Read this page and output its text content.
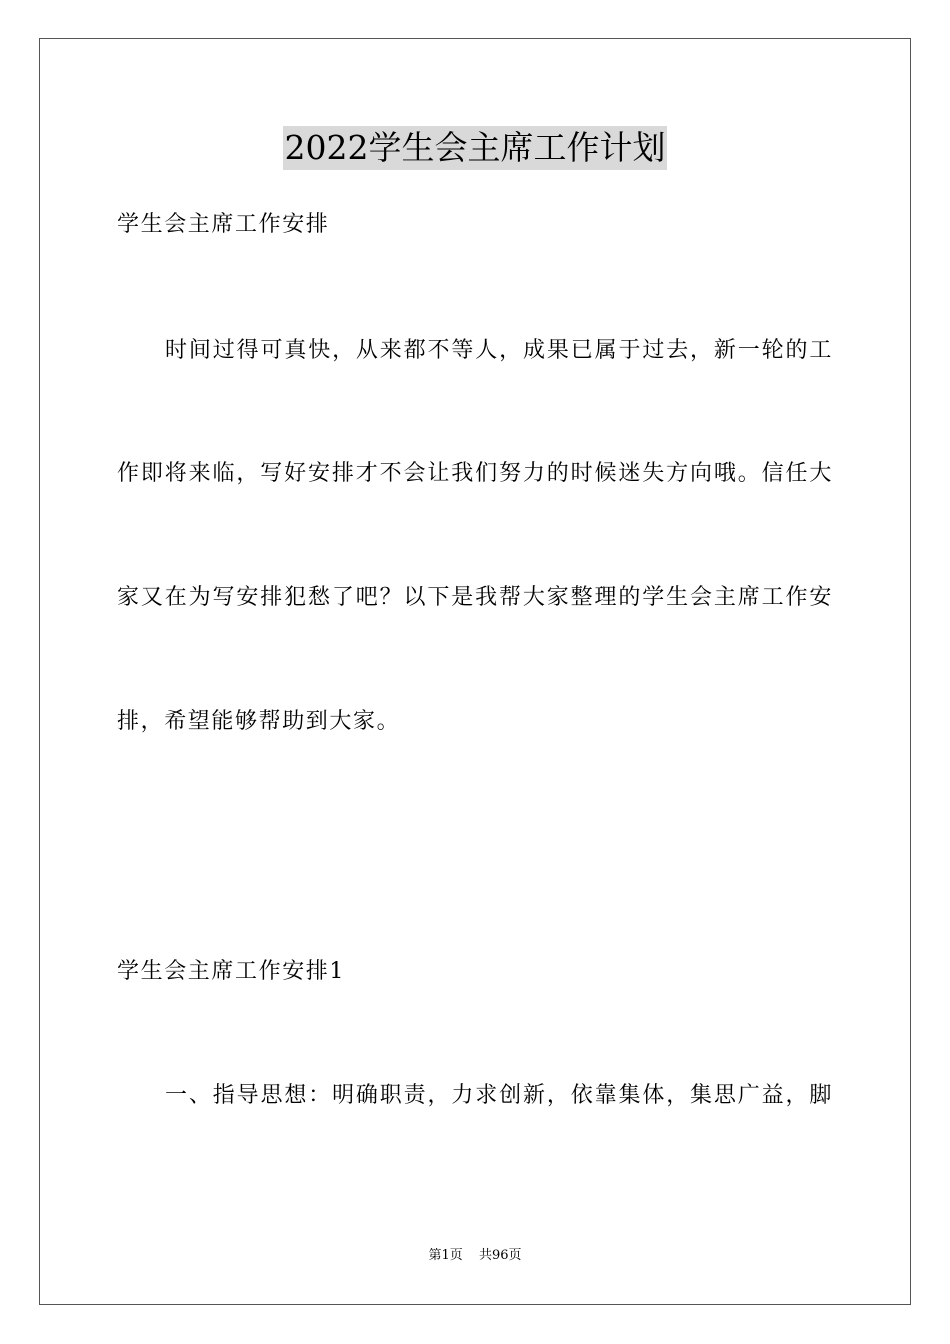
2022学生会主席工作计划
学生会主席工作安排
时间过得可真快，从来都不等人，成果已属于过去，新一轮的工
作即将来临，写好安排才不会让我们努力的时候迷失方向哦。信任大
家又在为写安排犯愁了吧？以下是我帮大家整理的学生会主席工作安
排，希望能够帮助到大家。
学生会主席工作安排1
一、指导思想：明确职责，力求创新，依靠集体，集思广益，脚
第1页 共96页
